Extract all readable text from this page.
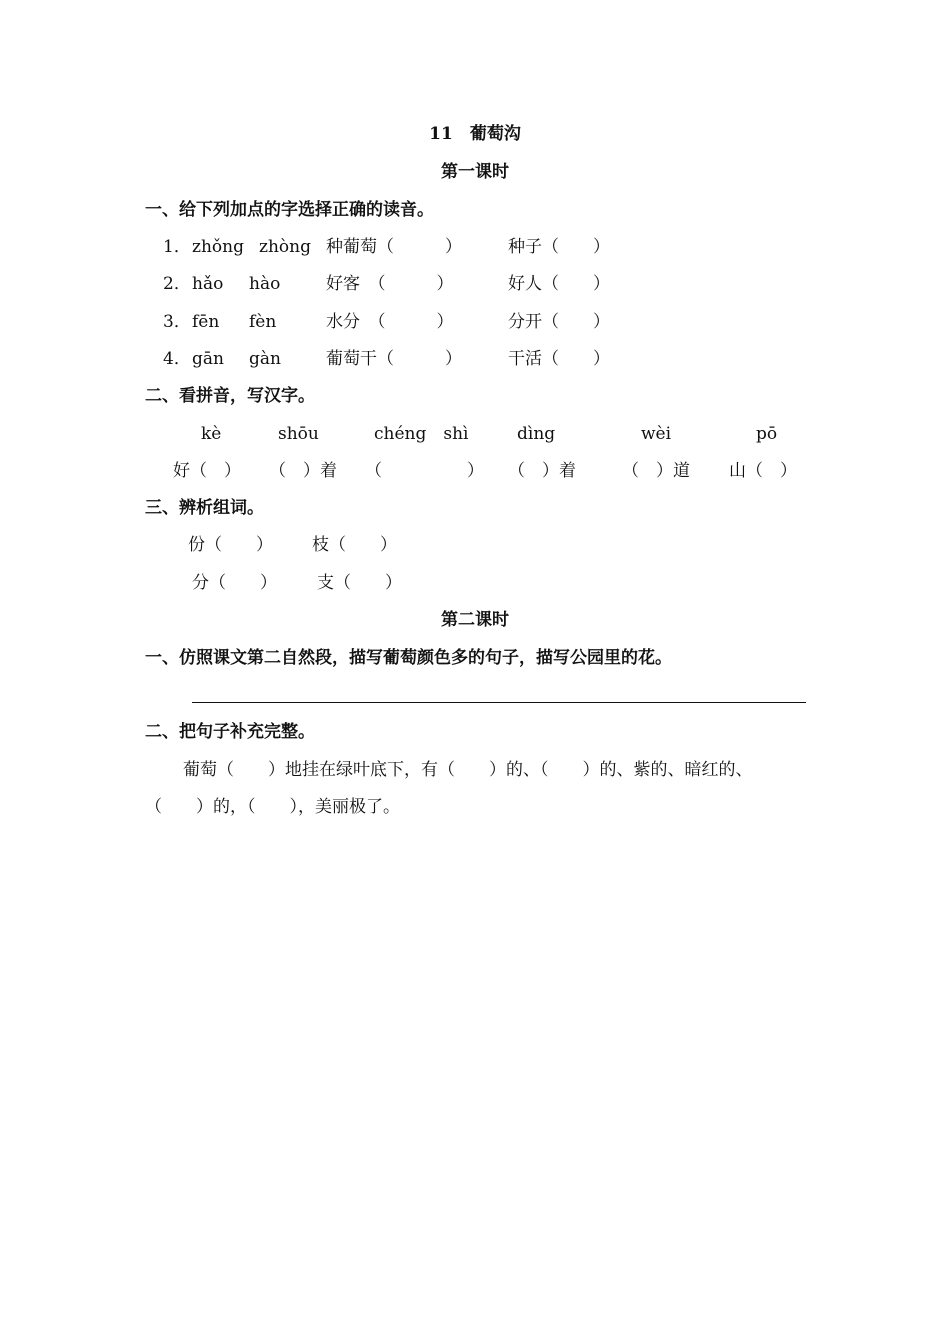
11　葡萄沟
第一课时
一、给下列加点的字选择正确的读音。
1． zhǒng zhòng 种葡萄（　　　）	种子（　　）
2． hǎo hào	好客　（　　　）	好人（　　）
3． fēn fèn	水分　（　　　）	分开（　　）
4． gān gàn	葡萄干（　　　）	干活（　　）
二、看拼音，写汉字。
kè	shōu	chéng　shì	dìng	wèi	pō
好（　） （　）着 （　　　　　） （　）着	（　）道 山（　）
三、辨析组词。
份（　　） 枝（　　）
分（　　） 支（　　）
第二课时
一、仿照课文第二自然段，描写葡萄颜色多的句子，描写公园里的花。
二、把句子补充完整。
葡萄（　　）地挂在绿叶底下，有（　　）的、（　　）的、紫的、暗红的、
（　　）的，（　　），美丽极了。
